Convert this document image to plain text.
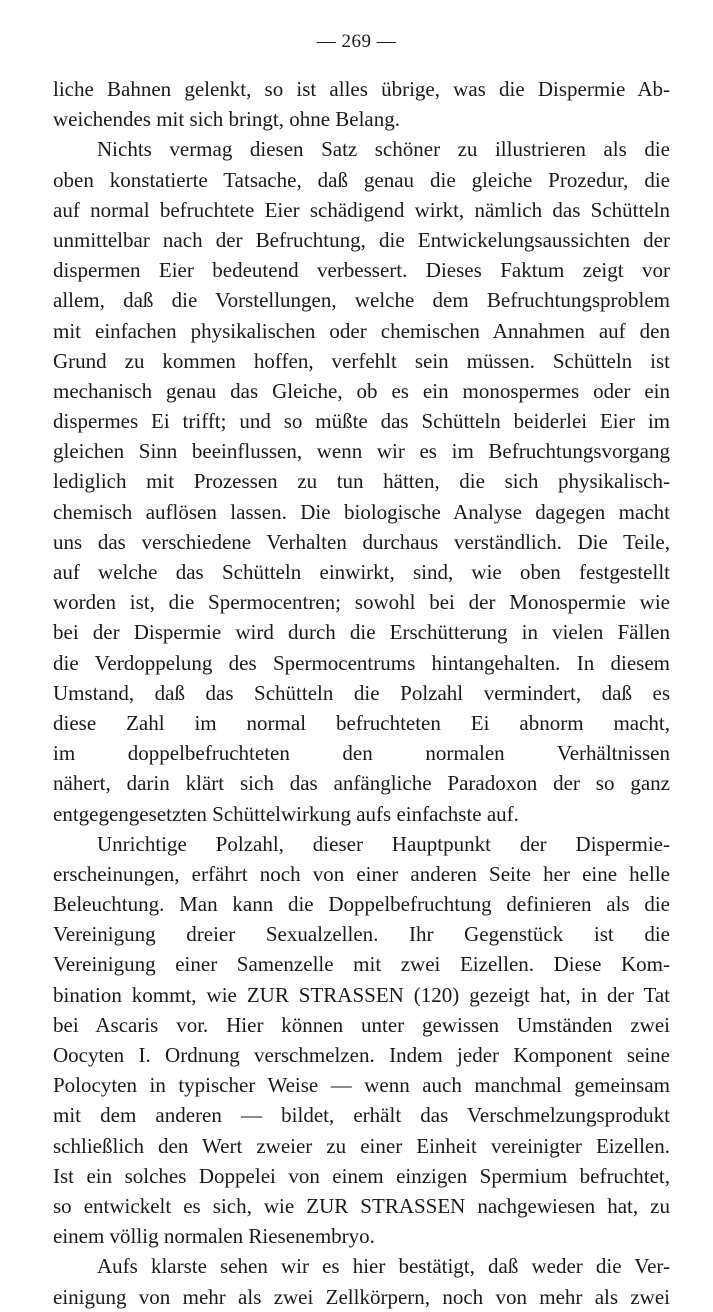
— 269 —
liche Bahnen gelenkt, so ist alles übrige, was die Dispermie Ab-
weichendes mit sich bringt, ohne Belang.
Nichts vermag diesen Satz schöner zu illustrieren als die
oben konstatierte Tatsache, daß genau die gleiche Prozedur, die
auf normal befruchtete Eier schädigend wirkt, nämlich das Schütteln
unmittelbar nach der Befruchtung, die Entwickelungsaussichten der
dispermen Eier bedeutend verbessert. Dieses Faktum zeigt vor
allem, daß die Vorstellungen, welche dem Befruchtungsproblem
mit einfachen physikalischen oder chemischen Annahmen auf den
Grund zu kommen hoffen, verfehlt sein müssen. Schütteln ist
mechanisch genau das Gleiche, ob es ein monospermes oder ein
dispermes Ei trifft; und so müßte das Schütteln beiderlei Eier im
gleichen Sinn beeinflussen, wenn wir es im Befruchtungsvorgang
lediglich mit Prozessen zu tun hätten, die sich physikalisch-
chemisch auflösen lassen. Die biologische Analyse dagegen macht
uns das verschiedene Verhalten durchaus verständlich. Die Teile,
auf welche das Schütteln einwirkt, sind, wie oben festgestellt
worden ist, die Spermocentren; sowohl bei der Monospermie wie
bei der Dispermie wird durch die Erschütterung in vielen Fällen
die Verdoppelung des Spermocentrums hintangehalten. In diesem
Umstand, daß das Schütteln die Polzahl vermindert, daß es
diese Zahl im normal befruchteten Ei abnorm macht,
im doppelbefruchteten den normalen Verhältnissen
nähert, darin klärt sich das anfängliche Paradoxon der so ganz
entgegengesetzten Schüttelwirkung aufs einfachste auf.
Unrichtige Polzahl, dieser Hauptpunkt der Dispermie-
erscheinungen, erfährt noch von einer anderen Seite her eine helle
Beleuchtung. Man kann die Doppelbefruchtung definieren als die
Vereinigung dreier Sexualzellen. Ihr Gegenstück ist die
Vereinigung einer Samenzelle mit zwei Eizellen. Diese Kom-
bination kommt, wie ZUR STRASSEN (120) gezeigt hat, in der Tat
bei Ascaris vor. Hier können unter gewissen Umständen zwei
Oocyten I. Ordnung verschmelzen. Indem jeder Komponent seine
Polocyten in typischer Weise — wenn auch manchmal gemeinsam
mit dem anderen — bildet, erhält das Verschmelzungsprodukt
schließlich den Wert zweier zu einer Einheit vereinigter Eizellen.
Ist ein solches Doppelei von einem einzigen Spermium befruchtet,
so entwickelt es sich, wie ZUR STRASSEN nachgewiesen hat, zu
einem völlig normalen Riesenembryo.
Aufs klarste sehen wir es hier bestätigt, daß weder die Ver-
einigung von mehr als zwei Zellkörpern, noch von mehr als zwei
